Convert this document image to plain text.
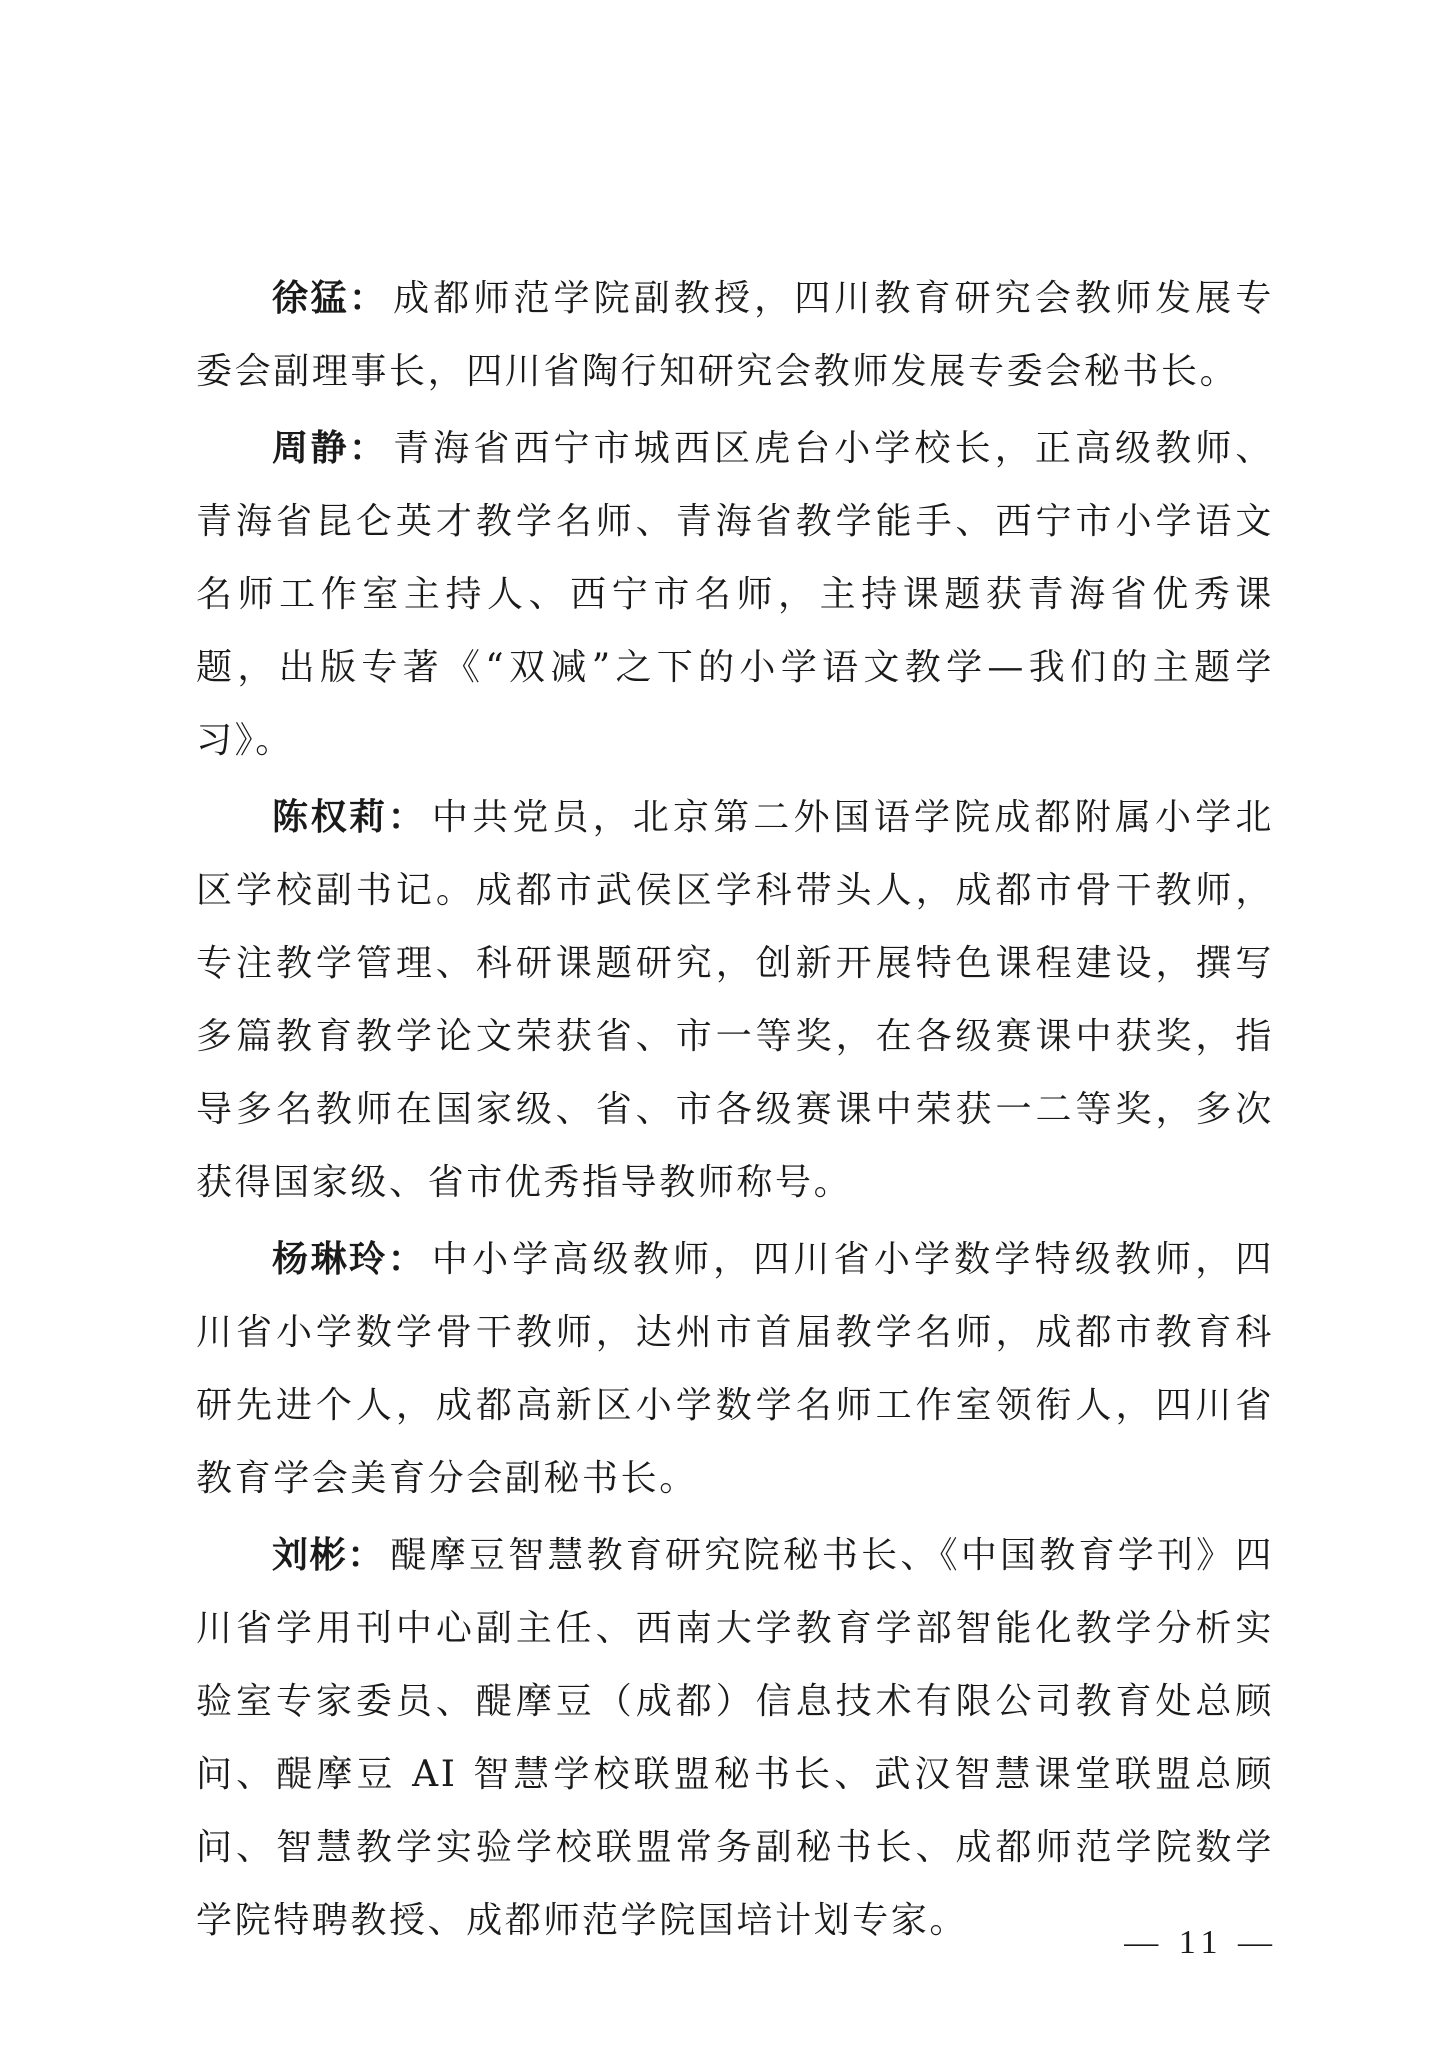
徐猛： 成都师范学院副教授，四川教育研究会教师发展专委会副理事长，四川省陶行知研究会教师发展专委会秘书长。

周静： 青海省西宁市城西区虎台小学校长，正高级教师、青海省昆仑英才教学名师、青海省教学能手、西宁市小学语文名师工作室主持人、西宁市名师，主持课题获青海省优秀课题，出版专著《“双减”之下的小学语文教学—我们的主题学习》。

陈权莉： 中共党员，北京第二外国语学院成都附属小学北区学校副书记。成都市武侯区学科带头人，成都市骨干教师，专注教学管理、科研课题研究，创新开展特色课程建设，撰写多篇教育教学论文荣获省、市一等奖，在各级赛课中获奖，指导多名教师在国家级、省、市各级赛课中荣获一二等奖，多次获得国家级、省市优秀指导教师称号。

杨琳玲： 中小学高级教师，四川省小学数学特级教师，四川省小学数学骨干教师，达州市首届教学名师，成都市教育科研先进个人，成都高新区小学数学名师工作室领衔人，四川省教育学会美育分会副秘书长。

刘彬： 醍摩豆智慧教育研究院秘书长、《中国教育学刊》四川省学用刊中心副主任、西南大学教育学部智能化教学分析实验室专家委员、醍摩豆（成都）信息技术有限公司教育处总顾问、醍摩豆 AI 智慧学校联盟秘书长、武汉智慧课堂联盟总顾问、智慧教学实验学校联盟常务副秘书长、成都师范学院数学学院特聘教授、成都师范学院国培计划专家。

— 11 —
